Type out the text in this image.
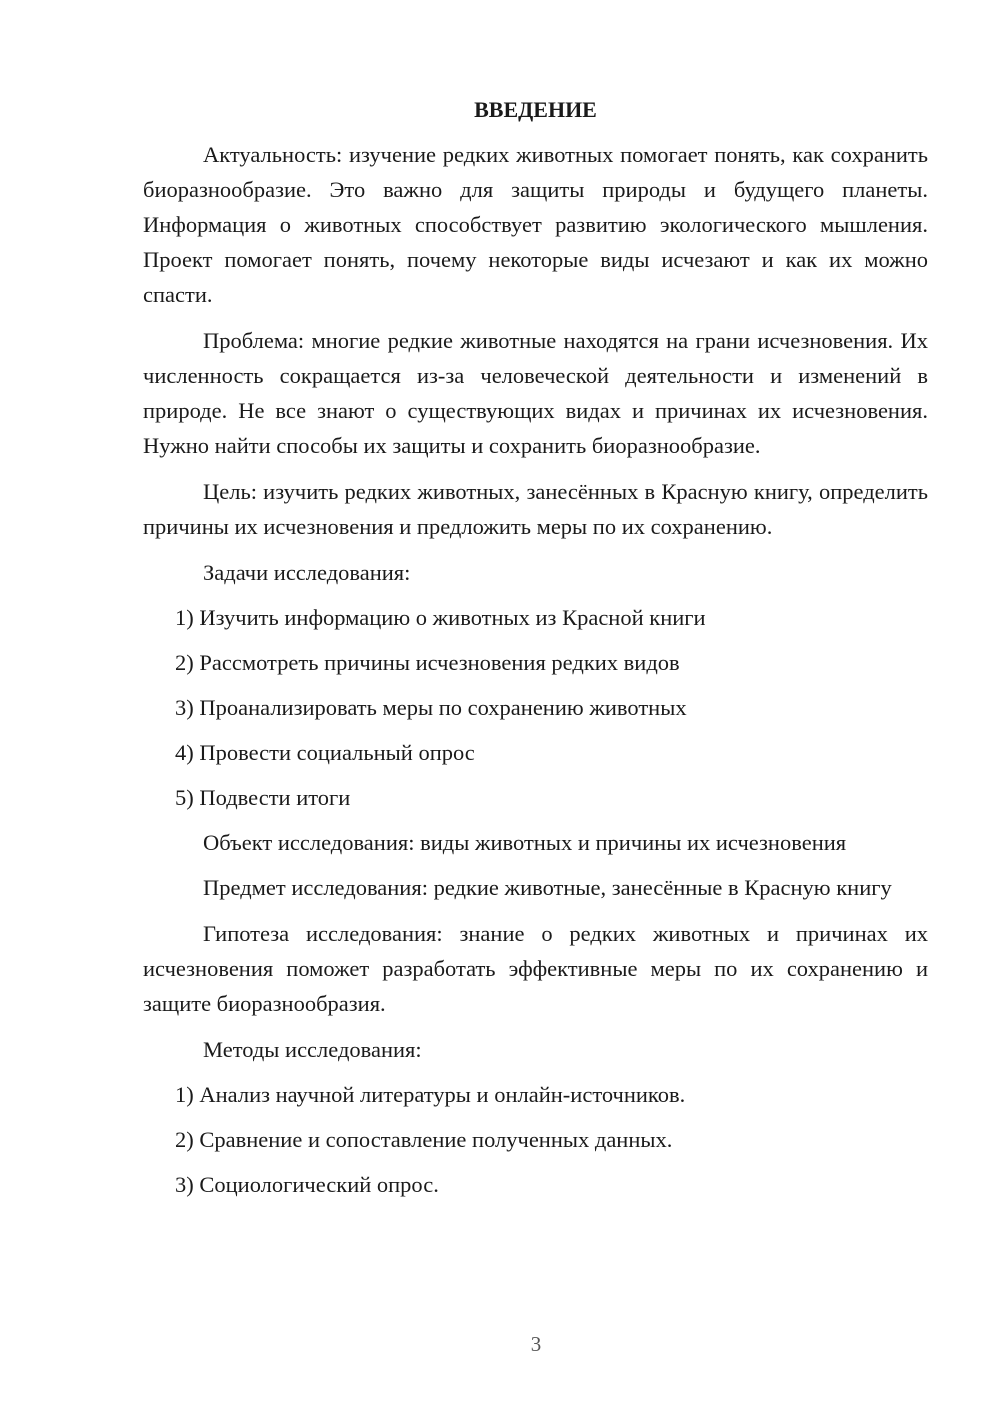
ВВЕДЕНИЕ
Актуальность: изучение редких животных помогает понять, как сохранить биоразнообразие. Это важно для защиты природы и будущего планеты. Информация о животных способствует развитию экологического мышления. Проект помогает понять, почему некоторые виды исчезают и как их можно спасти.
Проблема: многие редкие животные находятся на грани исчезновения. Их численность сокращается из-за человеческой деятельности и изменений в природе. Не все знают о существующих видах и причинах их исчезновения. Нужно найти способы их защиты и сохранить биоразнообразие.
Цель: изучить редких животных, занесённых в Красную книгу, определить причины их исчезновения и предложить меры по их сохранению.
Задачи исследования:
1) Изучить информацию о животных из Красной книги
2) Рассмотреть причины исчезновения редких видов
3) Проанализировать меры по сохранению животных
4) Провести социальный опрос
5) Подвести итоги
Объект исследования: виды животных и причины их исчезновения
Предмет исследования: редкие животные, занесённые в Красную книгу
Гипотеза исследования: знание о редких животных и причинах их исчезновения поможет разработать эффективные меры по их сохранению и защите биоразнообразия.
Методы исследования:
1) Анализ научной литературы и онлайн-источников.
2) Сравнение и сопоставление полученных данных.
3) Социологический опрос.
3
